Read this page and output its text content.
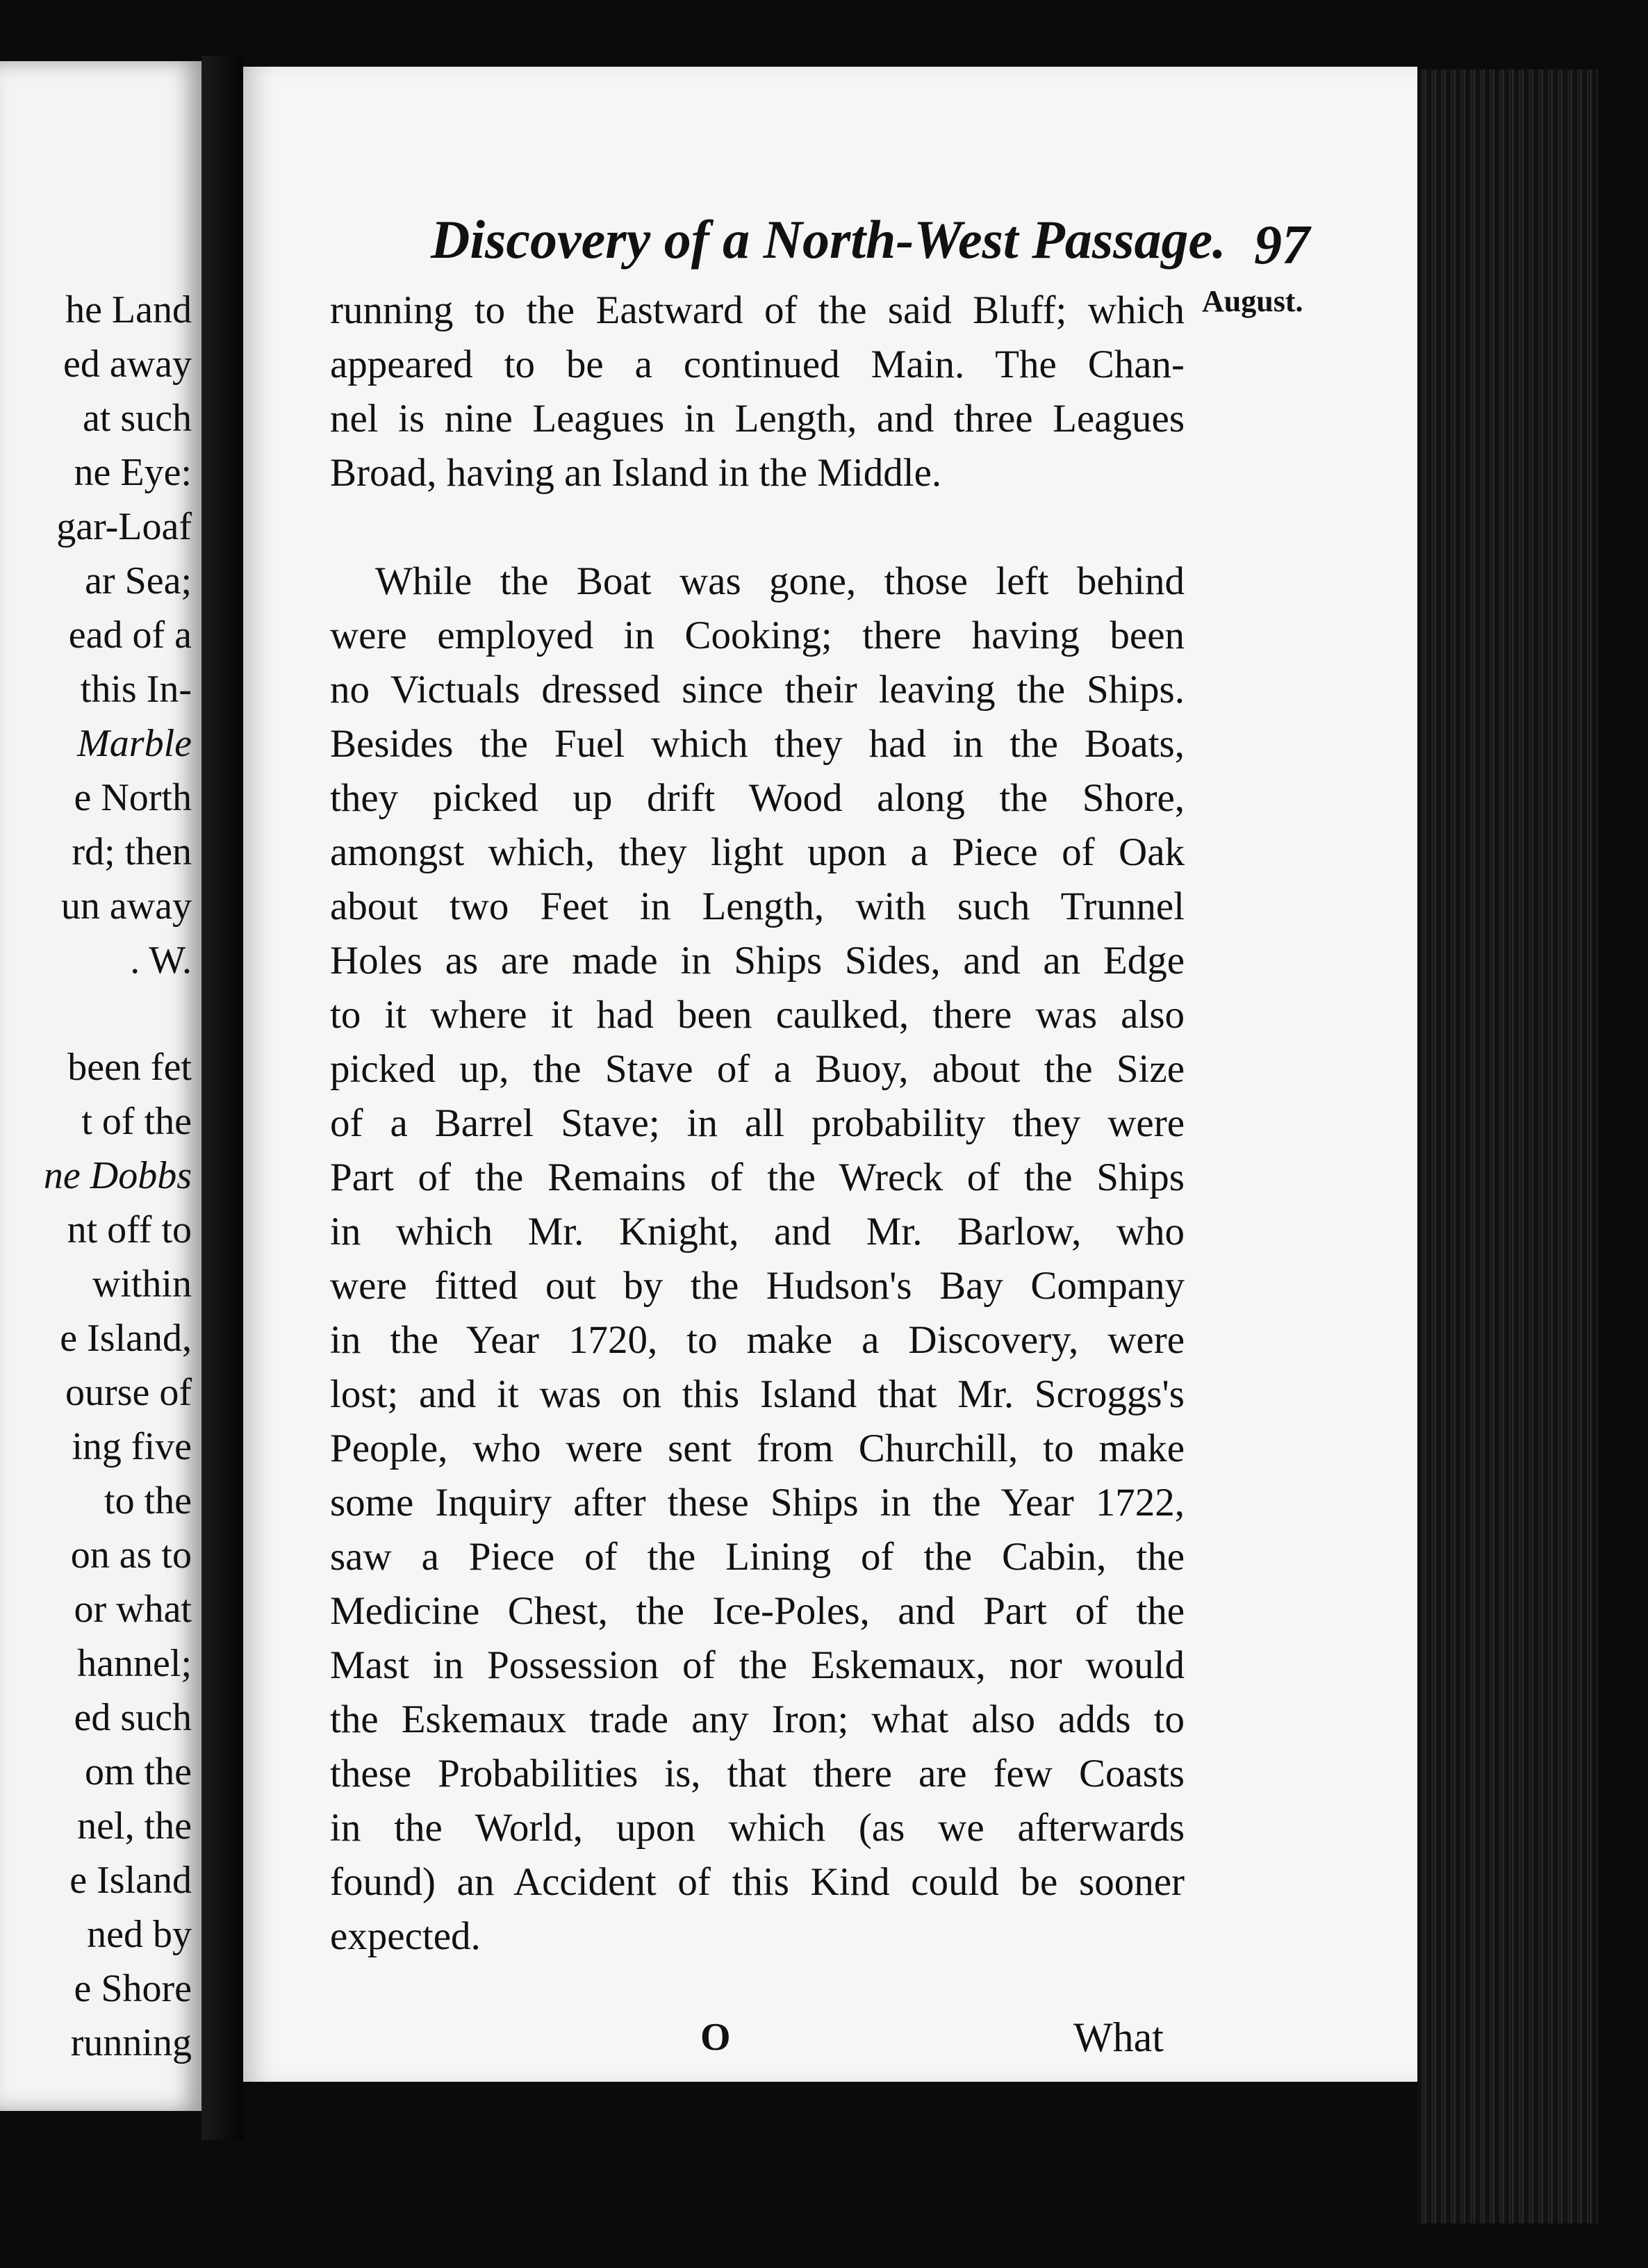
he Land
ed away
at such
ne Eye:
gar-Loaf
ar Sea;
ead of a
this In-
Marble
e North
rd; then
un away
. W.
been fet
t of the
ne Dobbs
nt off to
within
e Island,
ourse of
ing five
to the
on as to
or what
hannel;
ed such
om the
nel, the
e Island
ned by
e Shore
running
Discovery of a North-West Passage. 97
August.
running to the Eastward of the said Bluff; which
appeared to be a continued Main. The Chan-
nel is nine Leagues in Length, and three Leagues
Broad, having an Island in the Middle.
While the Boat was gone, those left behind
were employed in Cooking; there having been
no Victuals dressed since their leaving the Ships.
Besides the Fuel which they had in the Boats,
they picked up drift Wood along the Shore,
amongst which, they light upon a Piece of Oak
about two Feet in Length, with such Trunnel
Holes as are made in Ships Sides, and an Edge
to it where it had been caulked, there was also
picked up, the Stave of a Buoy, about the Size
of a Barrel Stave; in all probability they were
Part of the Remains of the Wreck of the Ships
in which Mr. Knight, and Mr. Barlow, who
were fitted out by the Hudson's Bay Company
in the Year 1720, to make a Discovery, were
lost; and it was on this Island that Mr. Scroggs's
People, who were sent from Churchill, to make
some Inquiry after these Ships in the Year 1722,
saw a Piece of the Lining of the Cabin, the
Medicine Chest, the Ice-Poles, and Part of the
Mast in Possession of the Eskemaux, nor would
the Eskemaux trade any Iron; what also adds to
these Probabilities is, that there are few Coasts
in the World, upon which (as we afterwards
found) an Accident of this Kind could be sooner
expected.
O	What
